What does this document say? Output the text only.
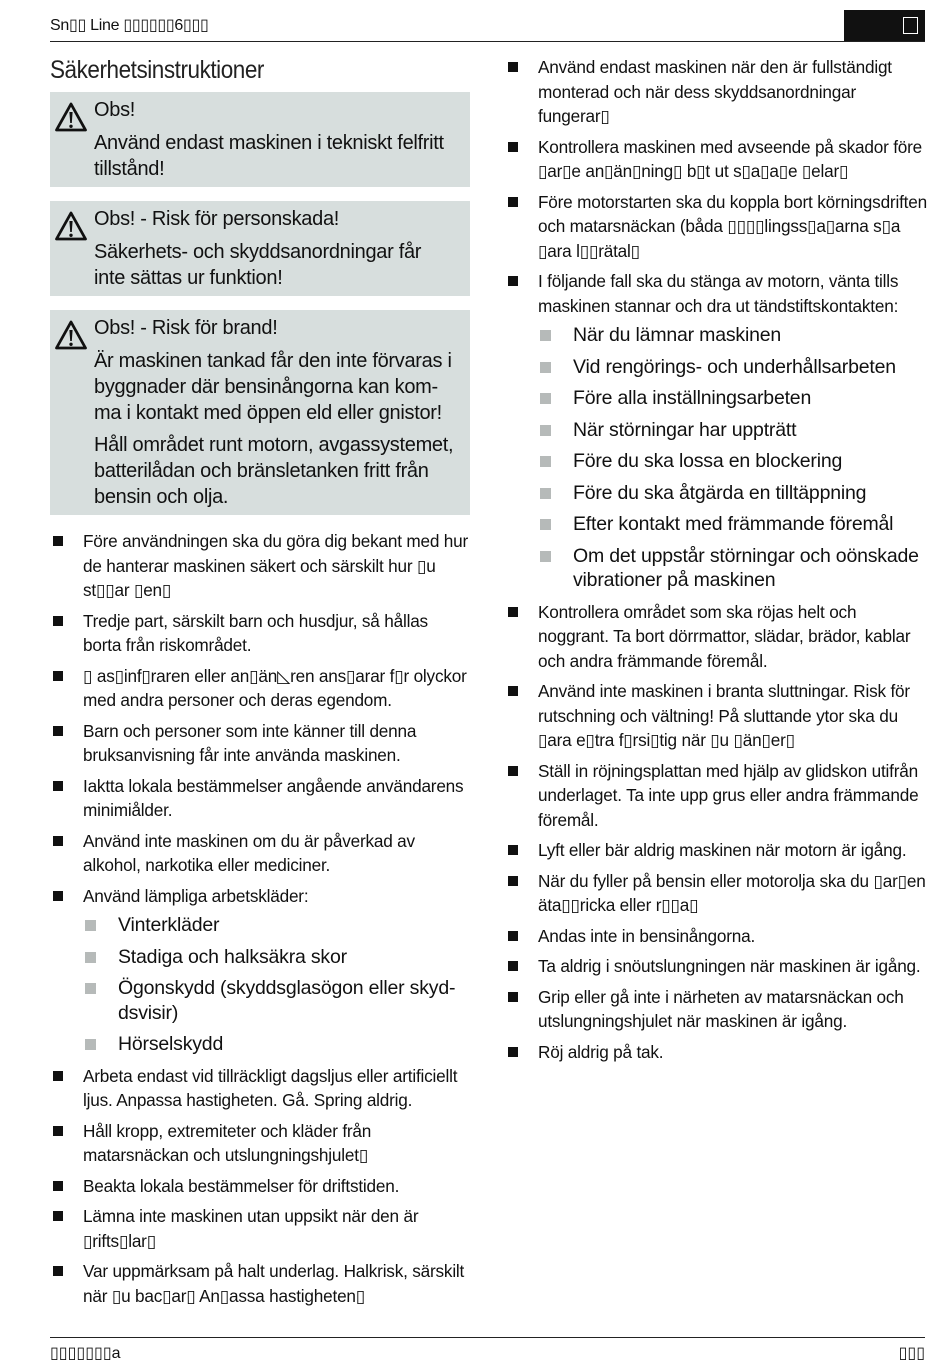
Sn▯▯ Line ▯▯▯▯▯▯6▯▯▯
Säkerhetsinstruktioner
Obs!
Använd endast maskinen i tekniskt felfritt tillstånd!
Obs! - Risk för personskada!
Säkerhets- och skyddsanordningar får inte sättas ur funktion!
Obs! - Risk för brand!
Är maskinen tankad får den inte förvaras i byggnader där bensinångorna kan kom-ma i kontakt med öppen eld eller gnistor!
Håll området runt motorn, avgassystemet, batterilådan och bränsletanken fritt från bensin och olja.
Före användningen ska du göra dig bekant med hur de hanterar maskinen säkert och särskilt hur ▯u st▯▯ar ▯en▯
Tredje part, särskilt barn och husdjur, så hållas borta från riskområdet.
▯ as▯inf▯raren eller an▯än◺ren ans▯arar f▯r olyckor med andra personer och deras egendom.
Barn och personer som inte känner till denna bruksanvisning får inte använda maskinen.
Iaktta lokala bestämmelser angående användarens minimiålder.
Använd inte maskinen om du är påverkad av alkohol, narkotika eller mediciner.
Använd lämpliga arbetskläder:
Vinterkläder
Stadiga och halksäkra skor
Ögonskydd (skyddsglasögon eller skyd-dsvisir)
Hörselskydd
Arbeta endast vid tillräckligt dagsljus eller artificiellt ljus. Anpassa hastigheten. Gå. Spring aldrig.
Håll kropp, extremiteter och kläder från matarsnäckan och utslungningshjulet▯
Beakta lokala bestämmelser för driftstiden.
Lämna inte maskinen utan uppsikt när den är ▯rifts▯lar▯
Var uppmärksam på halt underlag. Halkrisk, särskilt när ▯u bac▯ar▯ An▯assa hastigheten▯
Använd endast maskinen när den är fullständigt monterad och när dess skyddsanordningar fungerar▯
Kontrollera maskinen med avseende på skador före ▯ar▯e an▯än▯ning▯ b▯t ut s▯a▯a▯e ▯elar▯
Före motorstarten ska du koppla bort körningsdriften och matarsnäckan (båda ▯▯▯▯lingss▯a▯arna s▯a ▯ara l▯▯rätal▯
I följande fall ska du stänga av motorn, vänta tills maskinen stannar och dra ut tändstiftskontakten:
När du lämnar maskinen
Vid rengörings- och underhållsarbeten
Före alla inställningsarbeten
När störningar har uppträtt
Före du ska lossa en blockering
Före du ska åtgärda en tilltäppning
Efter kontakt med främmande föremål
Om det uppstår störningar och oönskade vibrationer på maskinen
Kontrollera området som ska röjas helt och noggrant. Ta bort dörrmattor, slädar, brädor, kablar och andra främmande föremål.
Använd inte maskinen i branta sluttningar. Risk för rutschning och vältning! På sluttande ytor ska du ▯ara e▯tra f▯rsi▯tig när ▯u ▯än▯er▯
Ställ in röjningsplattan med hjälp av glidskon utifrån underlaget. Ta inte upp grus eller andra främmande föremål.
Lyft eller bär aldrig maskinen när motorn är igång.
När du fyller på bensin eller motorolja ska du ▯ar▯en äta▯▯ricka eller r▯▯a▯
Andas inte in bensinångorna.
Ta aldrig i snöutslungningen när maskinen är igång.
Grip eller gå inte i närheten av matarsnäckan och utslungningshjulet när maskinen är igång.
Röj aldrig på tak.
▯▯▯▯▯▯▯a	▯▯▯
